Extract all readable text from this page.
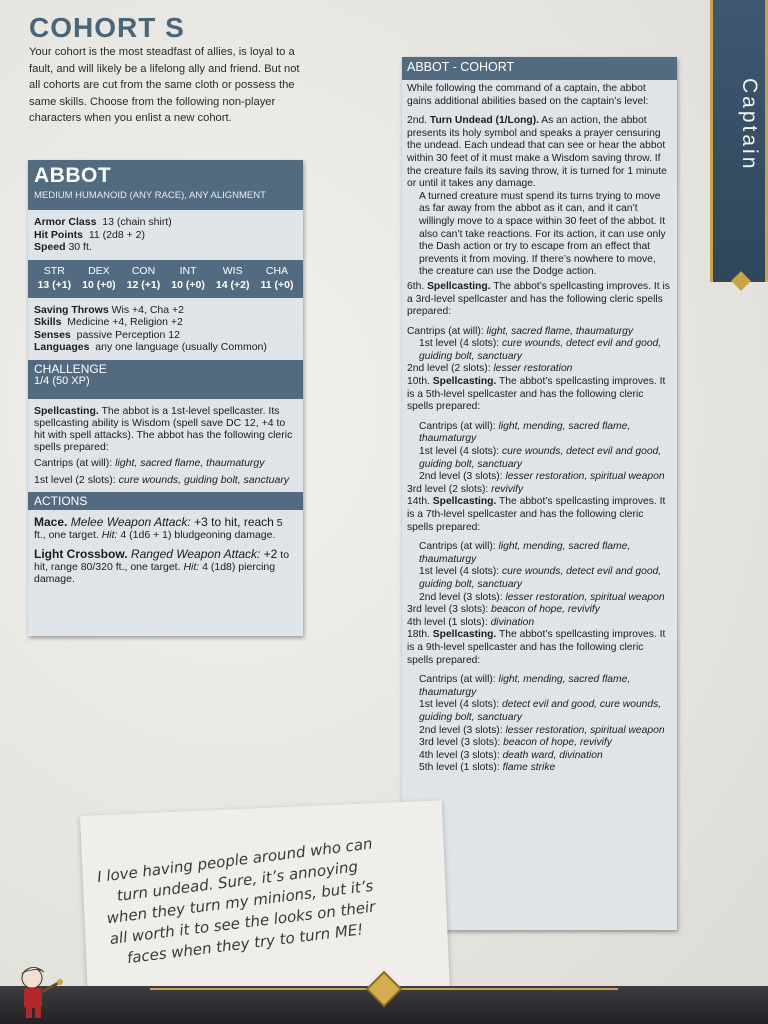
COHORT S

Your cohort is the most steadfast of allies, is loyal to a fault, and will likely be a lifelong ally and friend. But not all cohorts are cut from the same cloth or possess the same skills. Choose from the following non-player characters when you enlist a new cohort.

ABBOT
MEDIUM HUMANOID (ANY RACE), ANY ALIGNMENT
Armor Class 13 (chain shirt)
Hit Points 11 (2d8 + 2)
Speed 30 ft.
STR
13 (+1)
DEX
10 (+0)
CON
12 (+1)
INT
10 (+0)
WIS
14 (+2)
CHA
11 (+0)
Saving Throws Wis +4, Cha +2
Skills Medicine +4, Religion +2
Senses passive Perception 12
Languages any one language (usually Common)
CHALLENGE
1/4 (50 XP)
Spellcasting. The abbot is a 1st-level spellcaster. Its spellcasting ability is Wisdom (spell save DC 12, +4 to hit with spell attacks). The abbot has the following cleric spells prepared:
Cantrips (at will): light, sacred flame, thaumaturgy
1st level (2 slots): cure wounds, guiding bolt, sanctuary
ACTIONS
Mace. Melee Weapon Attack: +3 to hit, reach 5 ft., one target. Hit: 4 (1d6 + 1) bludgeoning damage.
Light Crossbow. Ranged Weapon Attack: +2 to hit, range 80/320 ft., one target. Hit: 4 (1d8) piercing damage.
ABBOT - COHORT

While following the command of a captain, the abbot gains additional abilities based on the captain’s level:

2nd. Turn Undead (1/Long). As an action, the abbot presents its holy symbol and speaks a prayer censuring the undead. Each undead that can see or hear the abbot within 30 feet of it must make a Wisdom saving throw. If the creature fails its saving throw, it is turned for 1 minute or until it takes any damage.

A turned creature must spend its turns trying to move as far away from the abbot as it can, and it can’t willingly move to a space within 30 feet of the abbot. It also can’t take reactions. For its action, it can use only the Dash action or try to escape from an effect that prevents it from moving. If there’s nowhere to move, the creature can use the Dodge action.

6th. Spellcasting. The abbot’s spellcasting improves. It is a 3rd-level spellcaster and has the following cleric spells prepared:

Cantrips (at will): light, sacred flame, thaumaturgy

1st level (4 slots): cure wounds, detect evil and good, guiding bolt, sanctuary

2nd level (2 slots): lesser restoration

10th. Spellcasting. The abbot’s spellcasting improves. It is a 5th-level spellcaster and has the following cleric spells prepared:

Cantrips (at will): light, mending, sacred flame, thaumaturgy

1st level (4 slots): cure wounds, detect evil and good, guiding bolt, sanctuary

2nd level (3 slots): lesser restoration, spiritual weapon

3rd level (2 slots): revivify

14th. Spellcasting. The abbot’s spellcasting improves. It is a 7th-level spellcaster and has the following cleric spells prepared:

Cantrips (at will): light, mending, sacred flame, thaumaturgy

1st level (4 slots): cure wounds, detect evil and good, guiding bolt, sanctuary

2nd level (3 slots): lesser restoration, spiritual weapon

3rd level (3 slots): beacon of hope, revivify

4th level (1 slots): divination

18th. Spellcasting. The abbot’s spellcasting improves. It is a 9th-level spellcaster and has the following cleric spells prepared:

Cantrips (at will): light, mending, sacred flame, thaumaturgy

1st level (4 slots): detect evil and good, cure wounds, guiding bolt, sanctuary

2nd level (3 slots): lesser restoration, spiritual weapon

3rd level (3 slots): beacon of hope, revivify

4th level (3 slots): death ward, divination

5th level (1 slots): flame strike

Captain
I love having people around who can turn undead. Sure, it’s annoying when they turn my minions, but it’s all worth it to see the looks on their faces when they try to turn ME!
